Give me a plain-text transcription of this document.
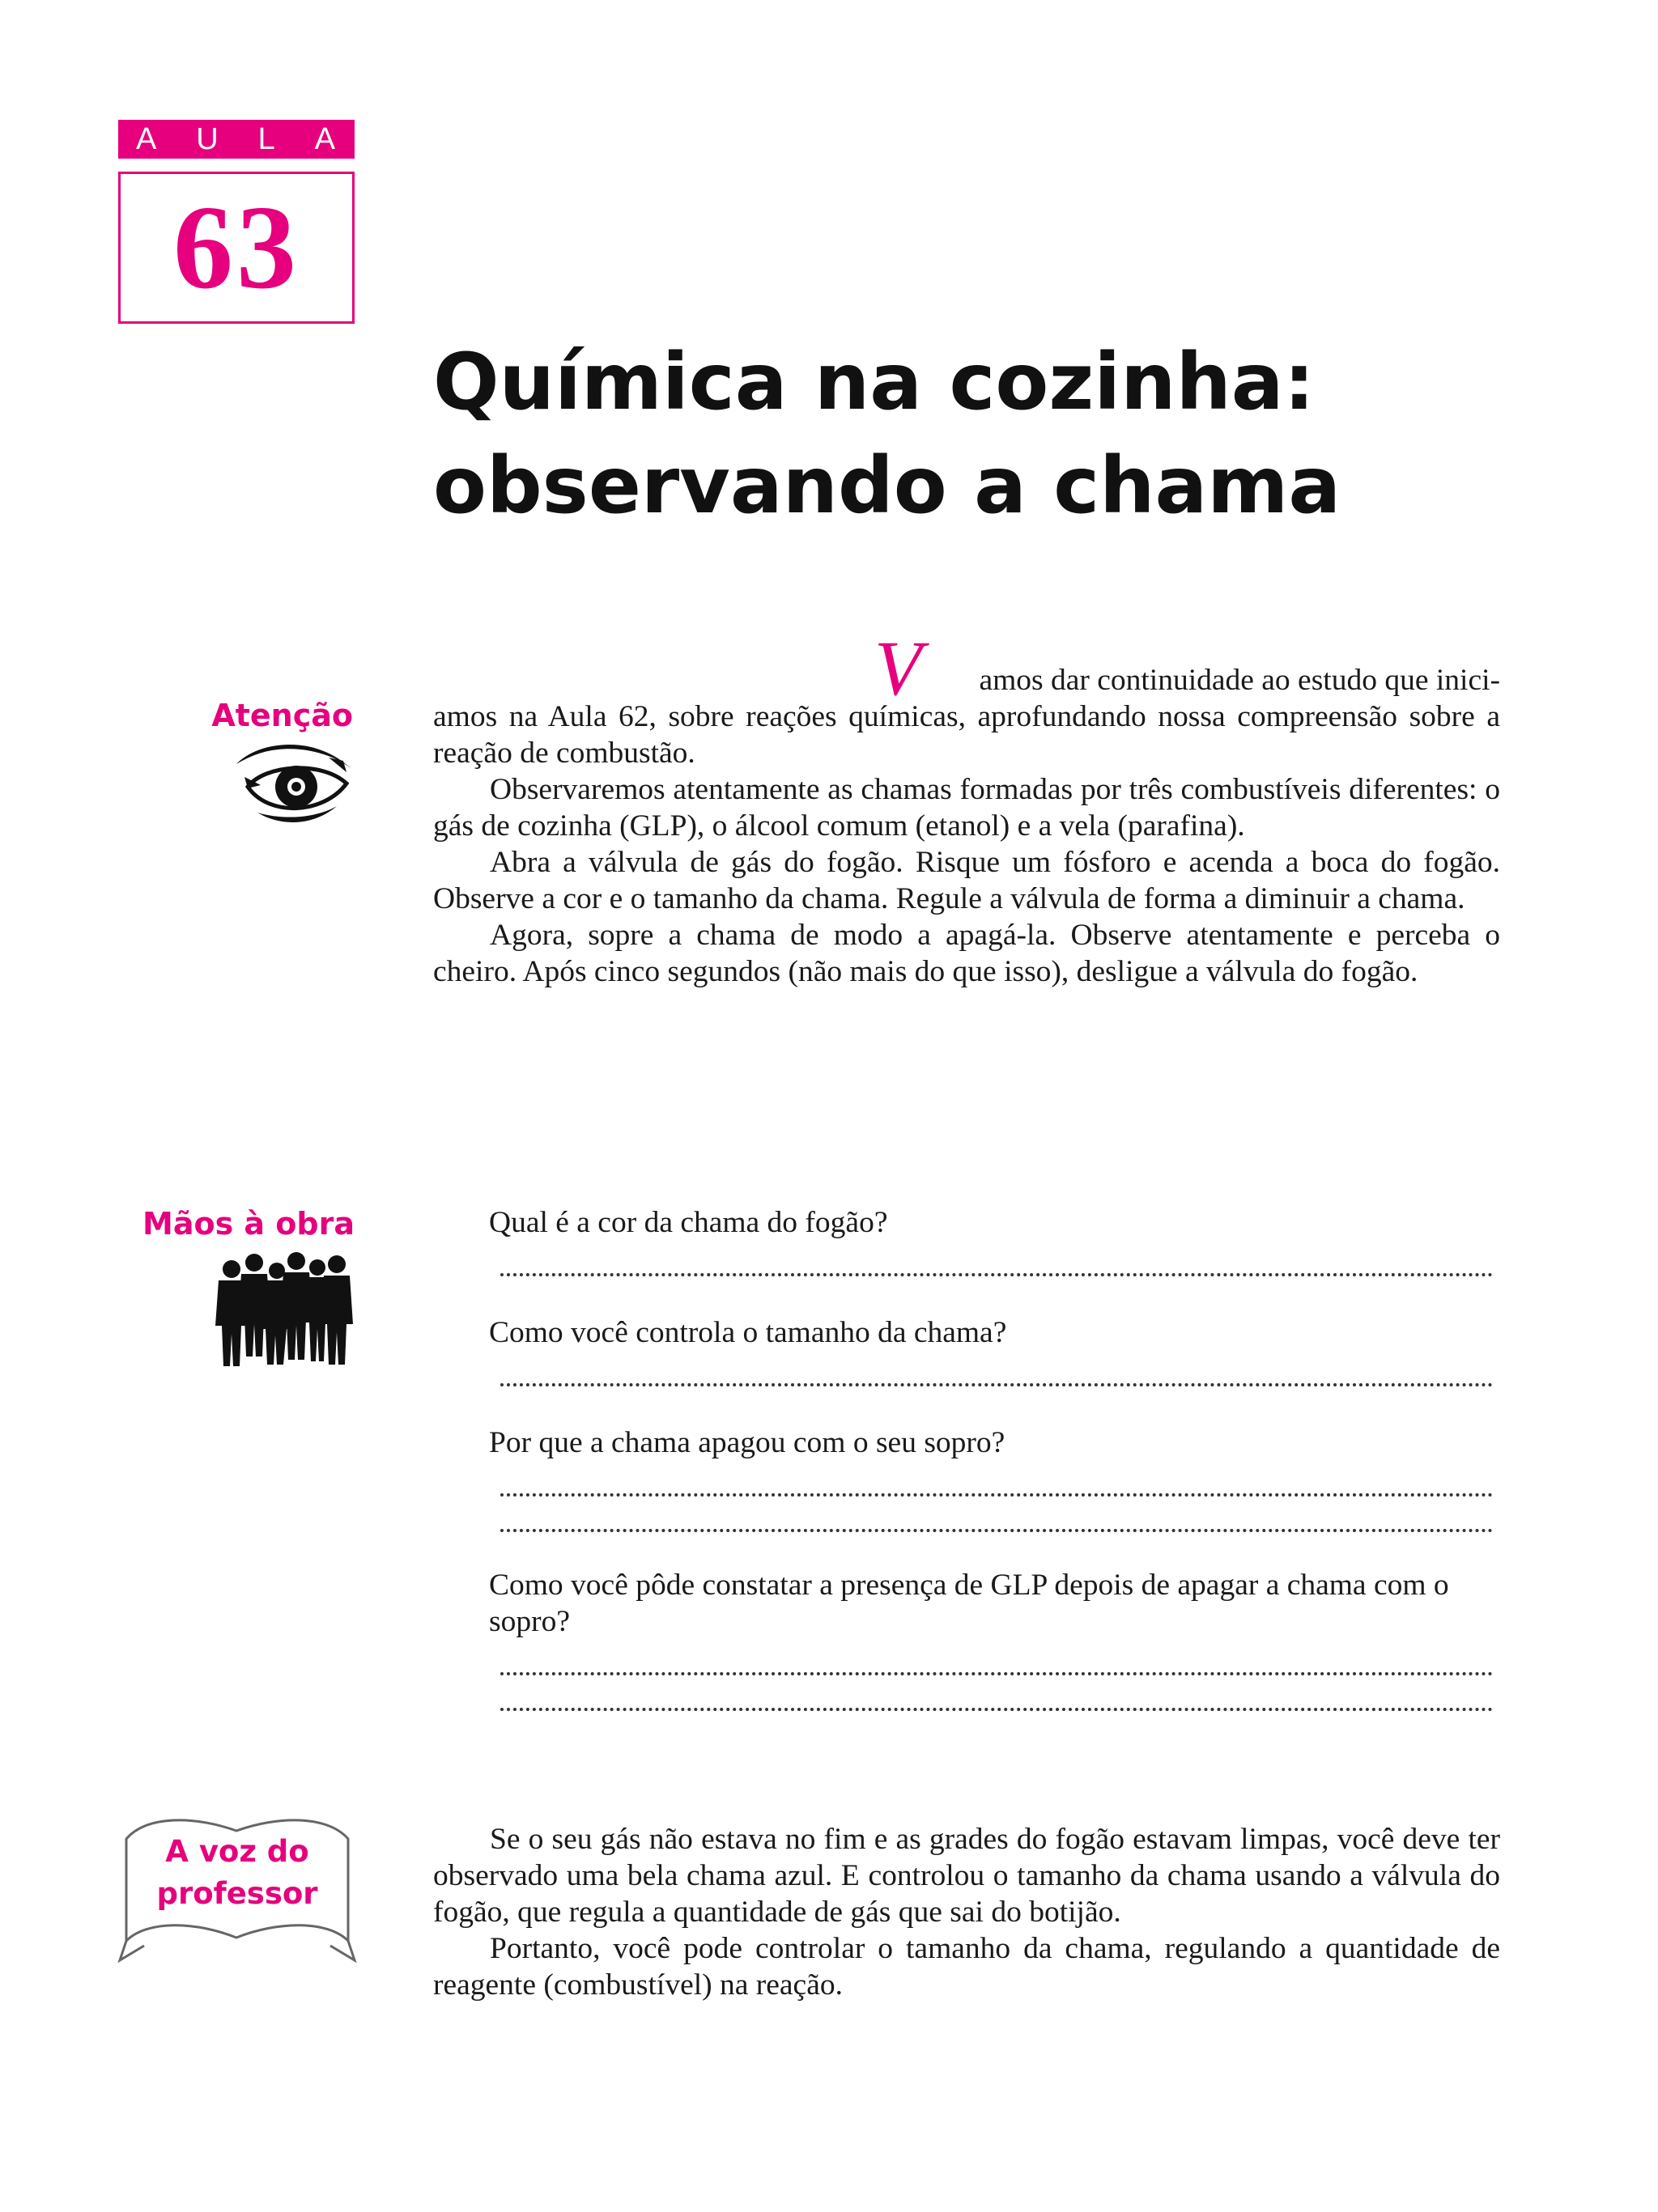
A U L A
63
Química na cozinha:
observando a chama
Atenção

V	amos dar continuidade ao estudo que inici-
amos na Aula 62, sobre reações químicas, aprofundando nossa compreensão sobre a reação de combustão.

Observaremos atentamente as chamas formadas por três combustíveis diferentes: o gás de cozinha (GLP), o álcool comum (etanol) e a vela (parafina).

Abra a válvula de gás do fogão. Risque um fósforo e acenda a boca do fogão. Observe a cor e o tamanho da chama. Regule a válvula de forma a diminuir a chama.

Agora, sopre a chama de modo a apagá-la. Observe atentamente e perceba o cheiro. Após cinco segundos (não mais do que isso), desligue a válvula do fogão.

Mãos à obra	Qual é a cor da chama do fogão?
Como você controla o tamanho da chama?
Por que a chama apagou com o seu sopro?
Como você pôde constatar a presença de GLP depois de apagar a chama com o sopro?
A voz do
professor

Se o seu gás não estava no fim e as grades do fogão estavam limpas, você deve ter observado uma bela chama azul. E controlou o tamanho da chama usando a válvula do fogão, que regula a quantidade de gás que sai do botijão.

Portanto, você pode controlar o tamanho da chama, regulando a quantidade de reagente (combustível) na reação.
